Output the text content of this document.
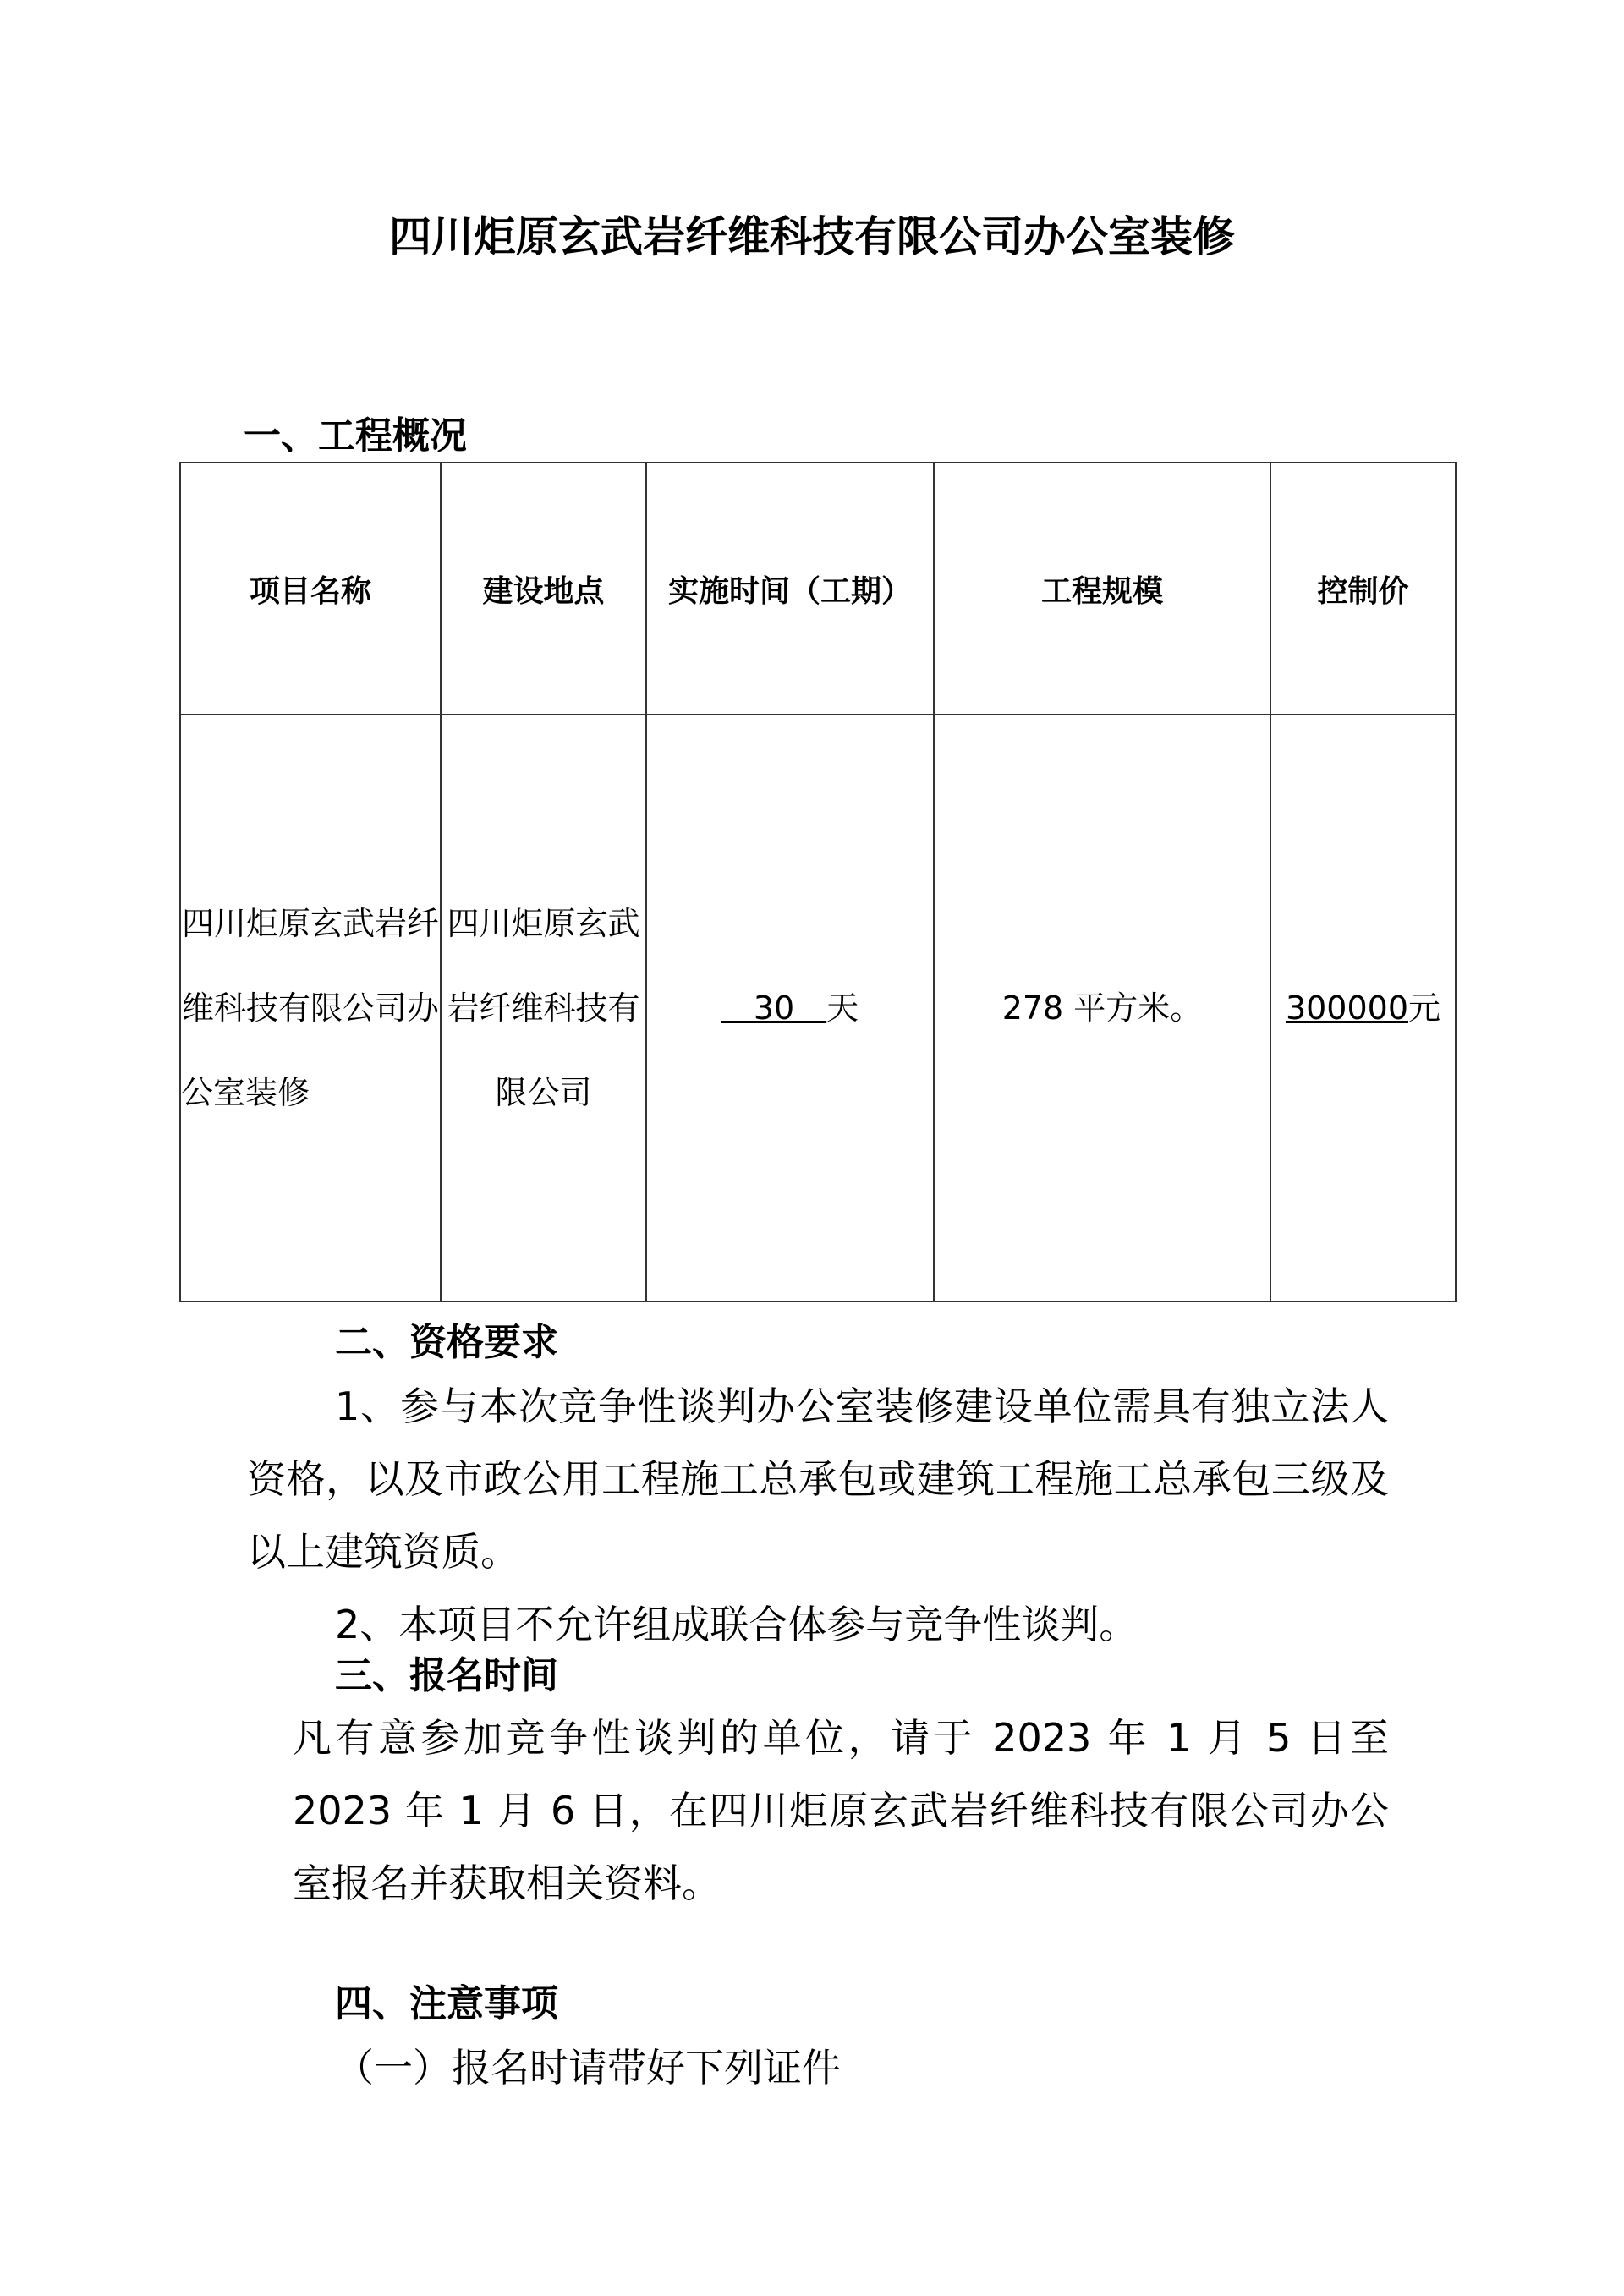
四川炬原玄武岩纤维科技有限公司办公室装修
一、工程概况
项目名称	建设地点	实施时间（工期）	工程规模	控制价
四川炬原玄武岩纤维科技有限公司办公室装修	四川炬原玄武岩纤维科技有限公司	　30　天	278 平方米。	300000元
二、资格要求

1、参与本次竞争性谈判办公室装修建设单位需具有独立法人资格，以及市政公用工程施工总承包或建筑工程施工总承包三级及以上建筑资质。

2、本项目不允许组成联合体参与竞争性谈判。

三、报名时间

凡有意参加竞争性谈判的单位，请于 2023 年 1 月 5 日至 2023 年 1 月 6 日，在四川炬原玄武岩纤维科技有限公司办公室报名并获取相关资料。

四、注意事项

（一）报名时请带好下列证件
